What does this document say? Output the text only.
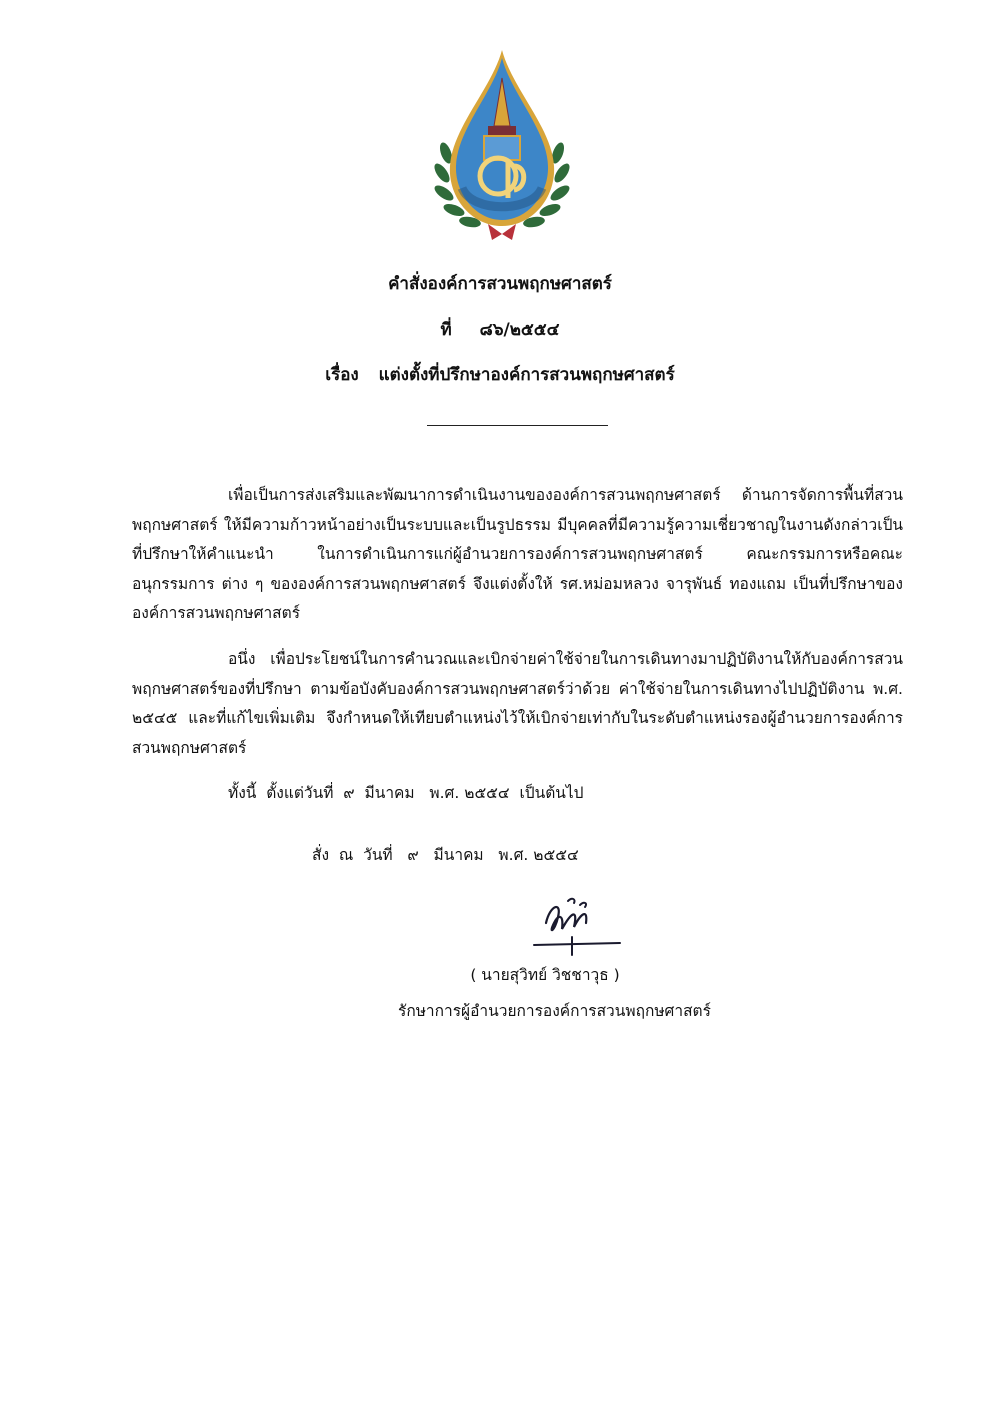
คำสั่งองค์การสวนพฤกษศาสตร์
ที่ ๘๖/๒๕๕๔
เรื่อง แต่งตั้งที่ปรึกษาองค์การสวนพฤกษศาสตร์
เพื่อเป็นการส่งเสริมและพัฒนาการดำเนินงานขององค์การสวนพฤกษศาสตร์ ด้านการจัดการพื้นที่สวนพฤกษศาสตร์ ให้มีความก้าวหน้าอย่างเป็นระบบและเป็นรูปธรรม มีบุคคลที่มีความรู้ความเชี่ยวชาญในงานดังกล่าวเป็นที่ปรึกษาให้คำแนะนำ ในการดำเนินการแก่ผู้อำนวยการองค์การสวนพฤกษศาสตร์ คณะกรรมการหรือคณะอนุกรรมการ ต่าง ๆ ขององค์การสวนพฤกษศาสตร์ จึงแต่งตั้งให้ รศ.หม่อมหลวง จารุพันธ์ ทองแถม เป็นที่ปรึกษาขององค์การสวนพฤกษศาสตร์
อนึ่ง เพื่อประโยชน์ในการคำนวณและเบิกจ่ายค่าใช้จ่ายในการเดินทางมาปฏิบัติงานให้กับองค์การสวนพฤกษศาสตร์ของที่ปรึกษา ตามข้อบังคับองค์การสวนพฤกษศาสตร์ว่าด้วย ค่าใช้จ่ายในการเดินทางไปปฏิบัติงาน พ.ศ. ๒๕๔๕ และที่แก้ไขเพิ่มเติม จึงกำหนดให้เทียบตำแหน่งไว้ให้เบิกจ่ายเท่ากับในระดับตำแหน่งรองผู้อำนวยการองค์การสวนพฤกษศาสตร์
ทั้งนี้  ตั้งแต่วันที่  ๙  มีนาคม   พ.ศ. ๒๕๕๔  เป็นต้นไป
สั่ง  ณ  วันที่   ๙   มีนาคม   พ.ศ. ๒๕๕๔
( นายสุวิทย์ วิชชาวุธ )
รักษาการผู้อำนวยการองค์การสวนพฤกษศาสตร์
